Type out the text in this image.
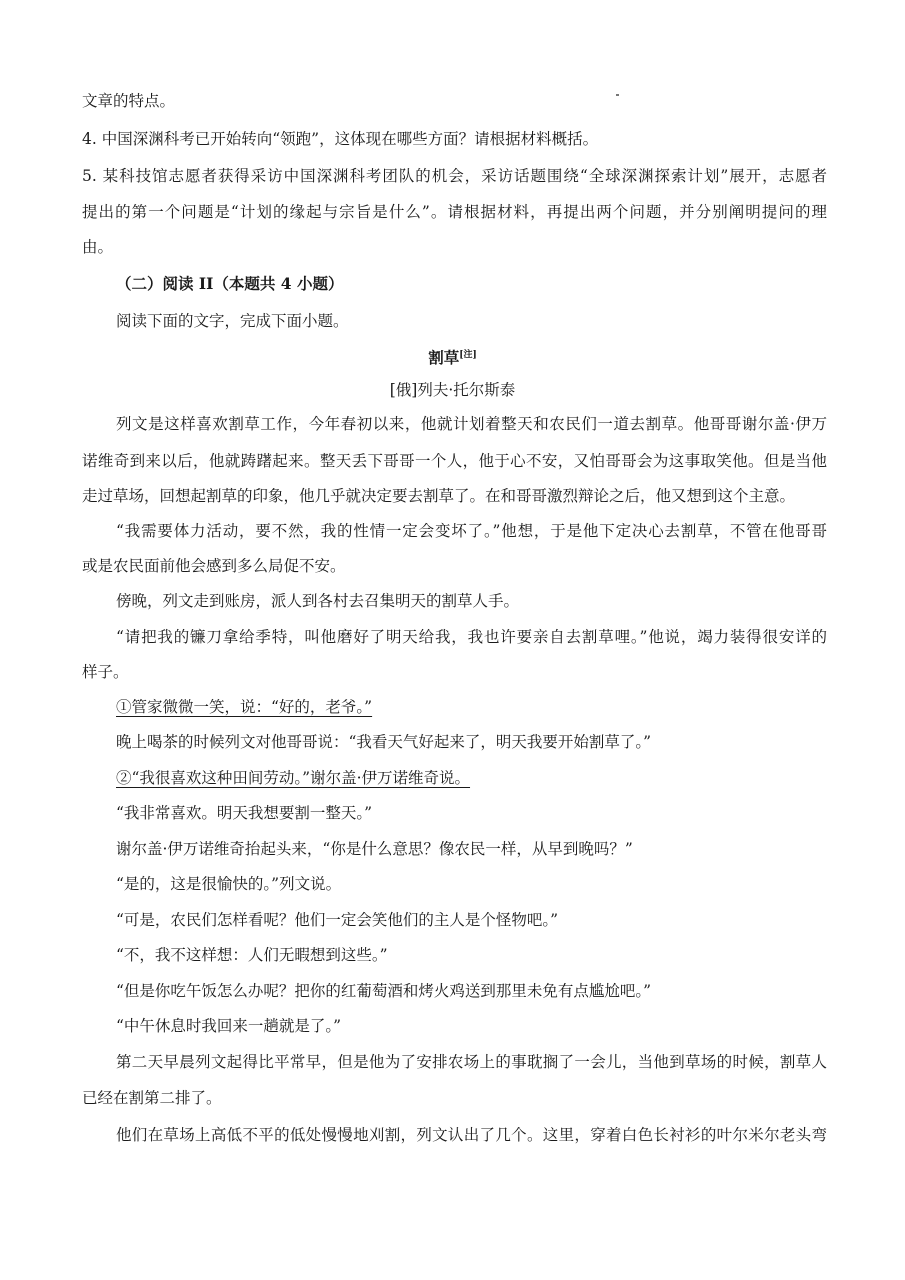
文章的特点。
4. 中国深渊科考已开始转向“领跑”，这体现在哪些方面？请根据材料概括。
5. 某科技馆志愿者获得采访中国深渊科考团队的机会，采访话题围绕“全球深渊探索计划”展开，志愿者
提出的第一个问题是“计划的缘起与宗旨是什么”。请根据材料，再提出两个问题，并分别阐明提问的理
由。
（二）阅读 II（本题共 4 小题）
阅读下面的文字，完成下面小题。
割草[注]
[俄]列夫·托尔斯泰
列文是这样喜欢割草工作，今年春初以来，他就计划着整天和农民们一道去割草。他哥哥谢尔盖·伊万
诺维奇到来以后，他就踌躇起来。整天丢下哥哥一个人，他于心不安，又怕哥哥会为这事取笑他。但是当他
走过草场，回想起割草的印象，他几乎就决定要去割草了。在和哥哥激烈辩论之后，他又想到这个主意。
“我需要体力活动，要不然，我的性情一定会变坏了。”他想，于是他下定决心去割草，不管在他哥哥
或是农民面前他会感到多么局促不安。
傍晚，列文走到账房，派人到各村去召集明天的割草人手。
“请把我的镰刀拿给季特，叫他磨好了明天给我，我也许要亲自去割草哩。”他说，竭力装得很安详的
样子。
①管家微微一笑，说：“好的，老爷。”
晚上喝茶的时候列文对他哥哥说：“我看天气好起来了，明天我要开始割草了。”
②“我很喜欢这种田间劳动。”谢尔盖·伊万诺维奇说。
“我非常喜欢。明天我想要割一整天。”
谢尔盖·伊万诺维奇抬起头来，“你是什么意思？像农民一样，从早到晚吗？”
“是的，这是很愉快的。”列文说。
“可是，农民们怎样看呢？他们一定会笑他们的主人是个怪物吧。”
“不，我不这样想：人们无暇想到这些。”
“但是你吃午饭怎么办呢？把你的红葡萄酒和烤火鸡送到那里未免有点尴尬吧。”
“中午休息时我回来一趟就是了。”
第二天早晨列文起得比平常早，但是他为了安排农场上的事耽搁了一会儿，当他到草场的时候，割草人
已经在割第二排了。
他们在草场上高低不平的低处慢慢地刈割，列文认出了几个。这里，穿着白色长衬衫的叶尔米尔老头弯
